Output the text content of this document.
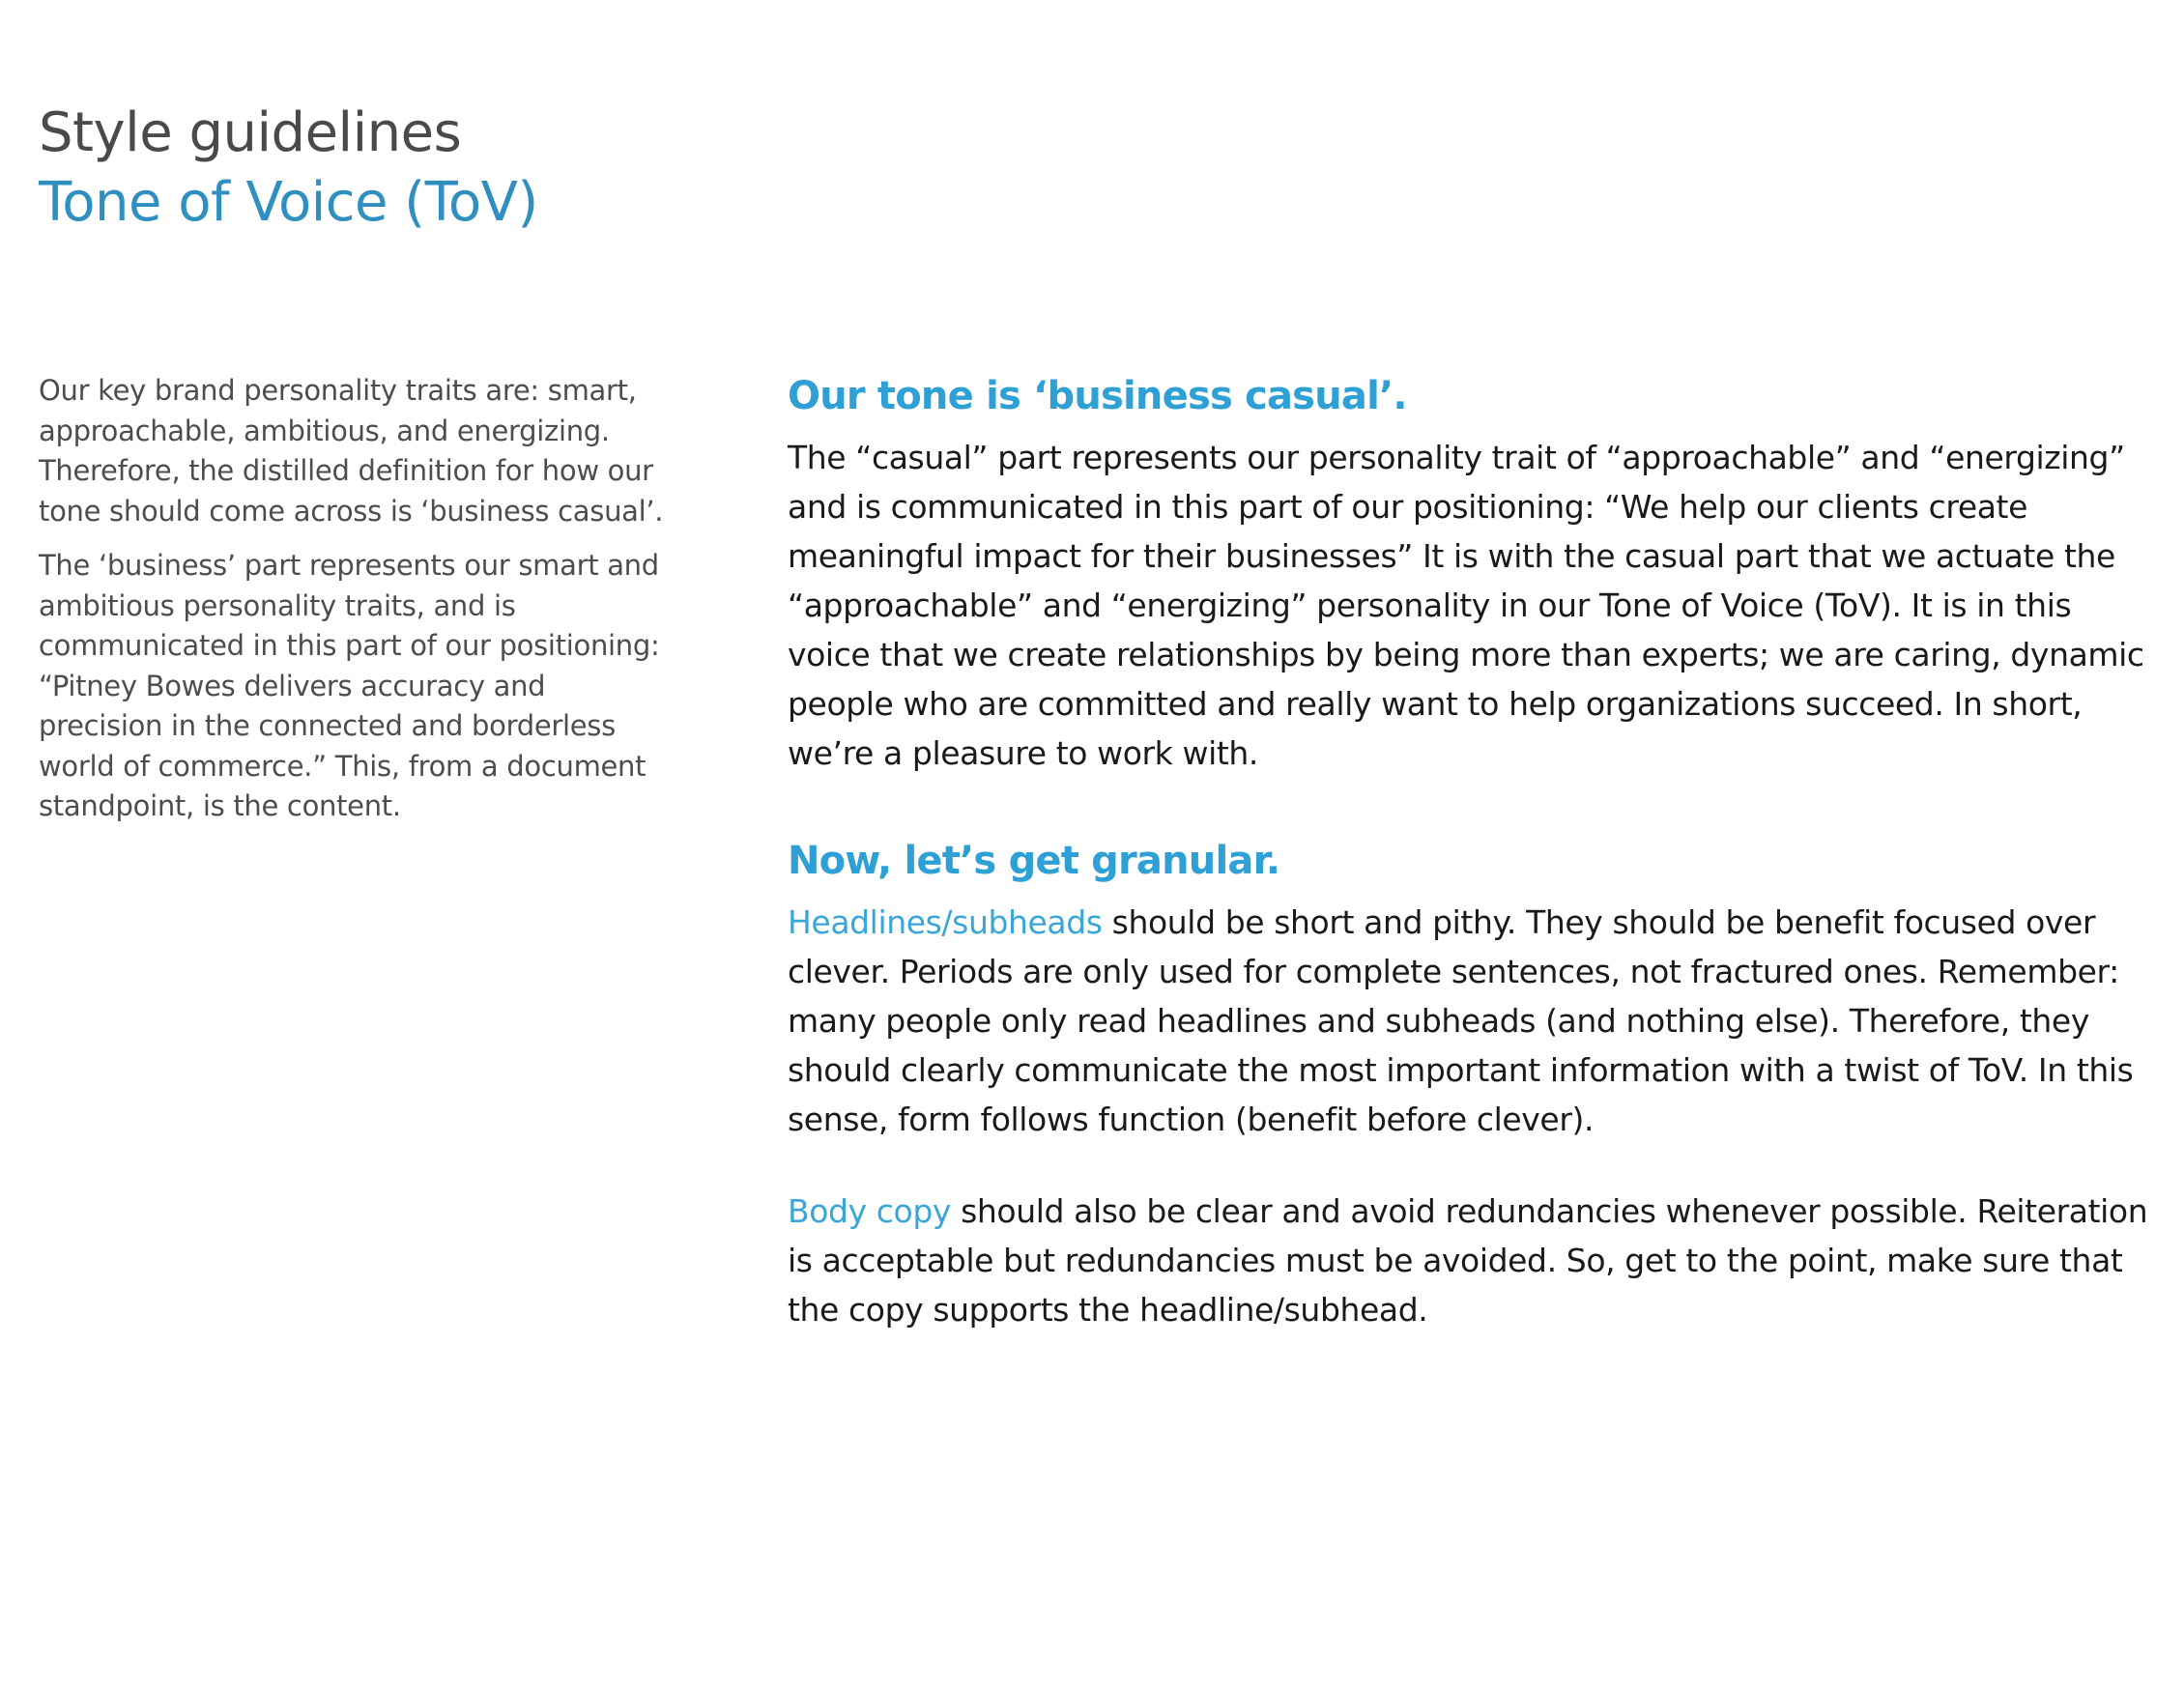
Style guidelines
Tone of Voice (ToV)

Our key brand personality traits are: smart, approachable, ambitious, and energizing. Therefore, the distilled definition for how our tone should come across is ‘business casual’.

The ‘business’ part represents our smart and ambitious personality traits, and is communicated in this part of our positioning: “Pitney Bowes delivers accuracy and precision in the connected and borderless world of commerce.” This, from a document standpoint, is the content.

Our tone is ‘business casual’.

The “casual” part represents our personality trait of “approachable” and “energizing” and is communicated in this part of our positioning: “We help our clients create meaningful impact for their businesses” It is with the casual part that we actuate the “approachable” and “energizing” personality in our Tone of Voice (ToV). It is in this voice that we create relationships by being more than experts; we are caring, dynamic people who are committed and really want to help organizations succeed. In short, we’re a pleasure to work with.

Now, let’s get granular.

Headlines/subheads should be short and pithy. They should be benefit focused over clever. Periods are only used for complete sentences, not fractured ones. Remember: many people only read headlines and subheads (and nothing else). Therefore, they should clearly communicate the most important information with a twist of ToV. In this sense, form follows function (benefit before clever).

Body copy should also be clear and avoid redundancies whenever possible. Reiteration is acceptable but redundancies must be avoided. So, get to the point, make sure that the copy supports the headline/subhead.
